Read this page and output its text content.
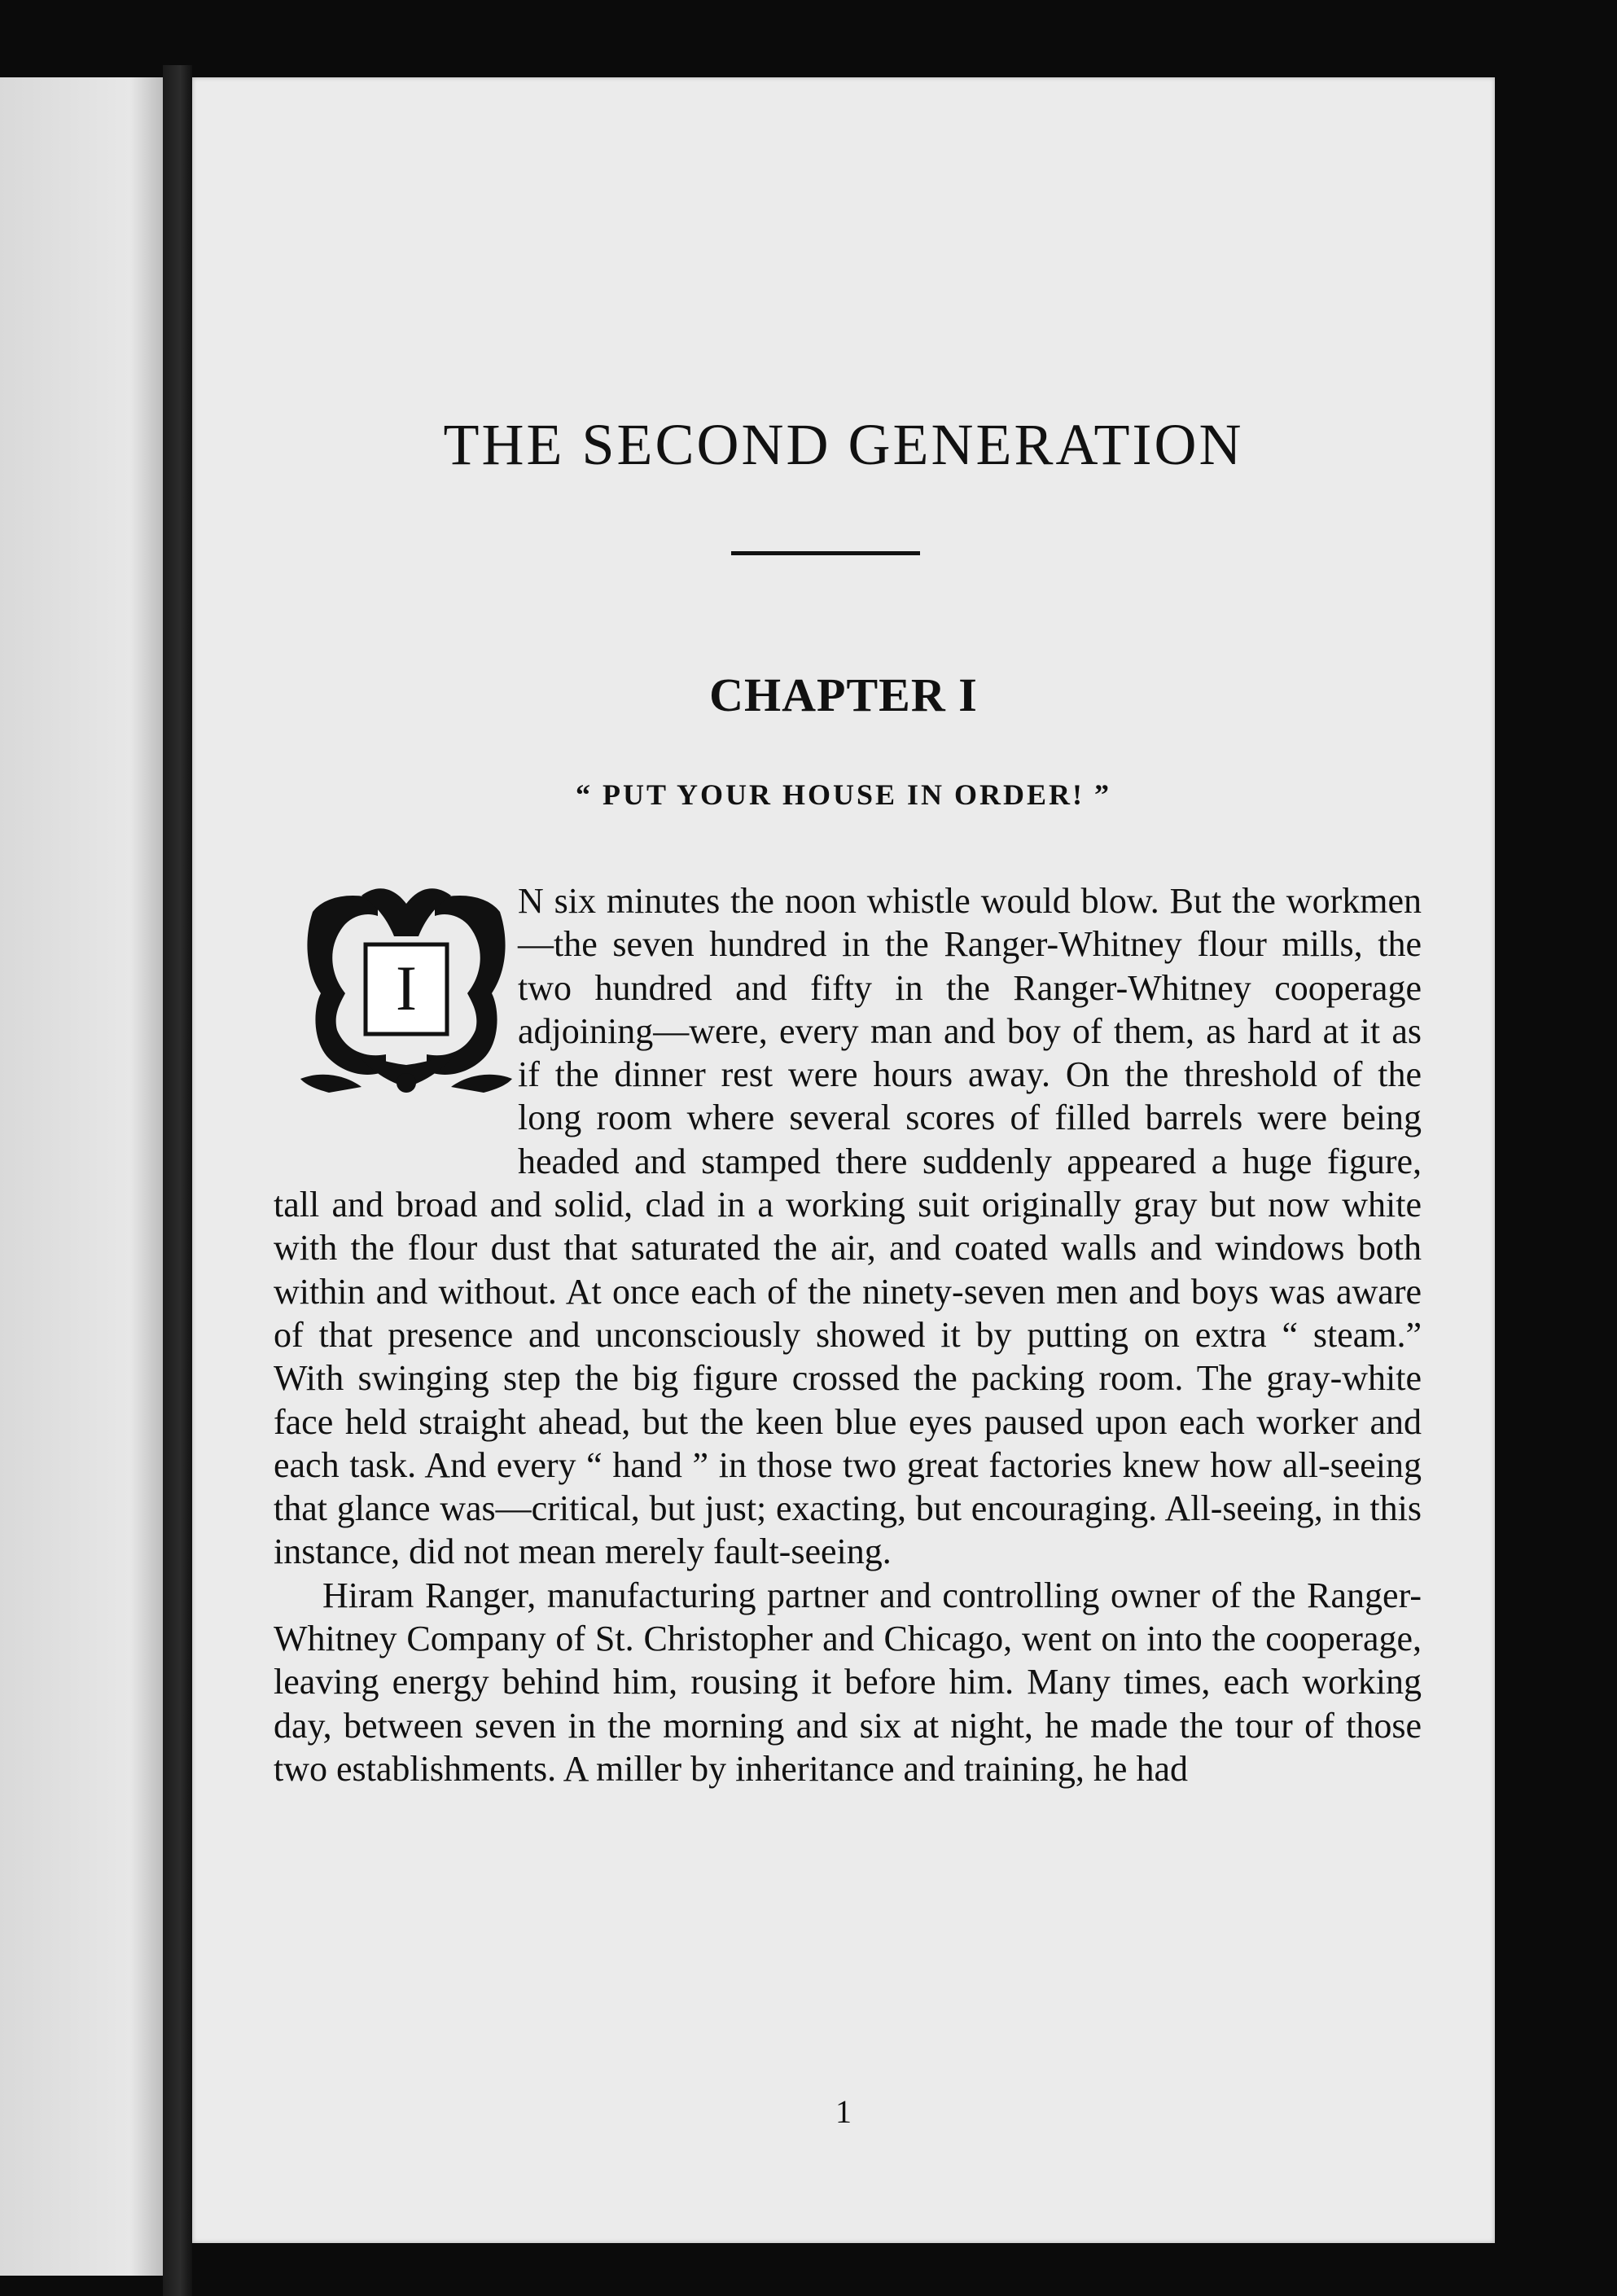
THE SECOND GENERATION
CHAPTER I
“ PUT YOUR HOUSE IN ORDER! ”
I

N six minutes the noon whistle would blow. But the workmen—the seven hundred in the Ranger-Whitney flour mills, the two hundred and fifty in the Ranger-Whitney cooperage adjoining—were, every man and boy of them, as hard at it as if the dinner rest were hours away. On the threshold of the long room where several scores of filled barrels were being headed and stamped there suddenly appeared a huge figure, tall and broad and solid, clad in a working suit originally gray but now white with the flour dust that saturated the air, and coated walls and windows both within and without. At once each of the ninety-seven men and boys was aware of that presence and unconsciously showed it by putting on extra “ steam.” With swinging step the big figure crossed the packing room. The gray-white face held straight ahead, but the keen blue eyes paused upon each worker and each task. And every “ hand ” in those two great factories knew how all-seeing that glance was—critical, but just; exacting, but encouraging. All-seeing, in this instance, did not mean merely fault-seeing.

Hiram Ranger, manufacturing partner and controlling owner of the Ranger-Whitney Company of St. Christopher and Chicago, went on into the cooperage, leaving energy behind him, rousing it before him. Many times, each working day, between seven in the morning and six at night, he made the tour of those two establishments. A miller by inheritance and training, he had

1
